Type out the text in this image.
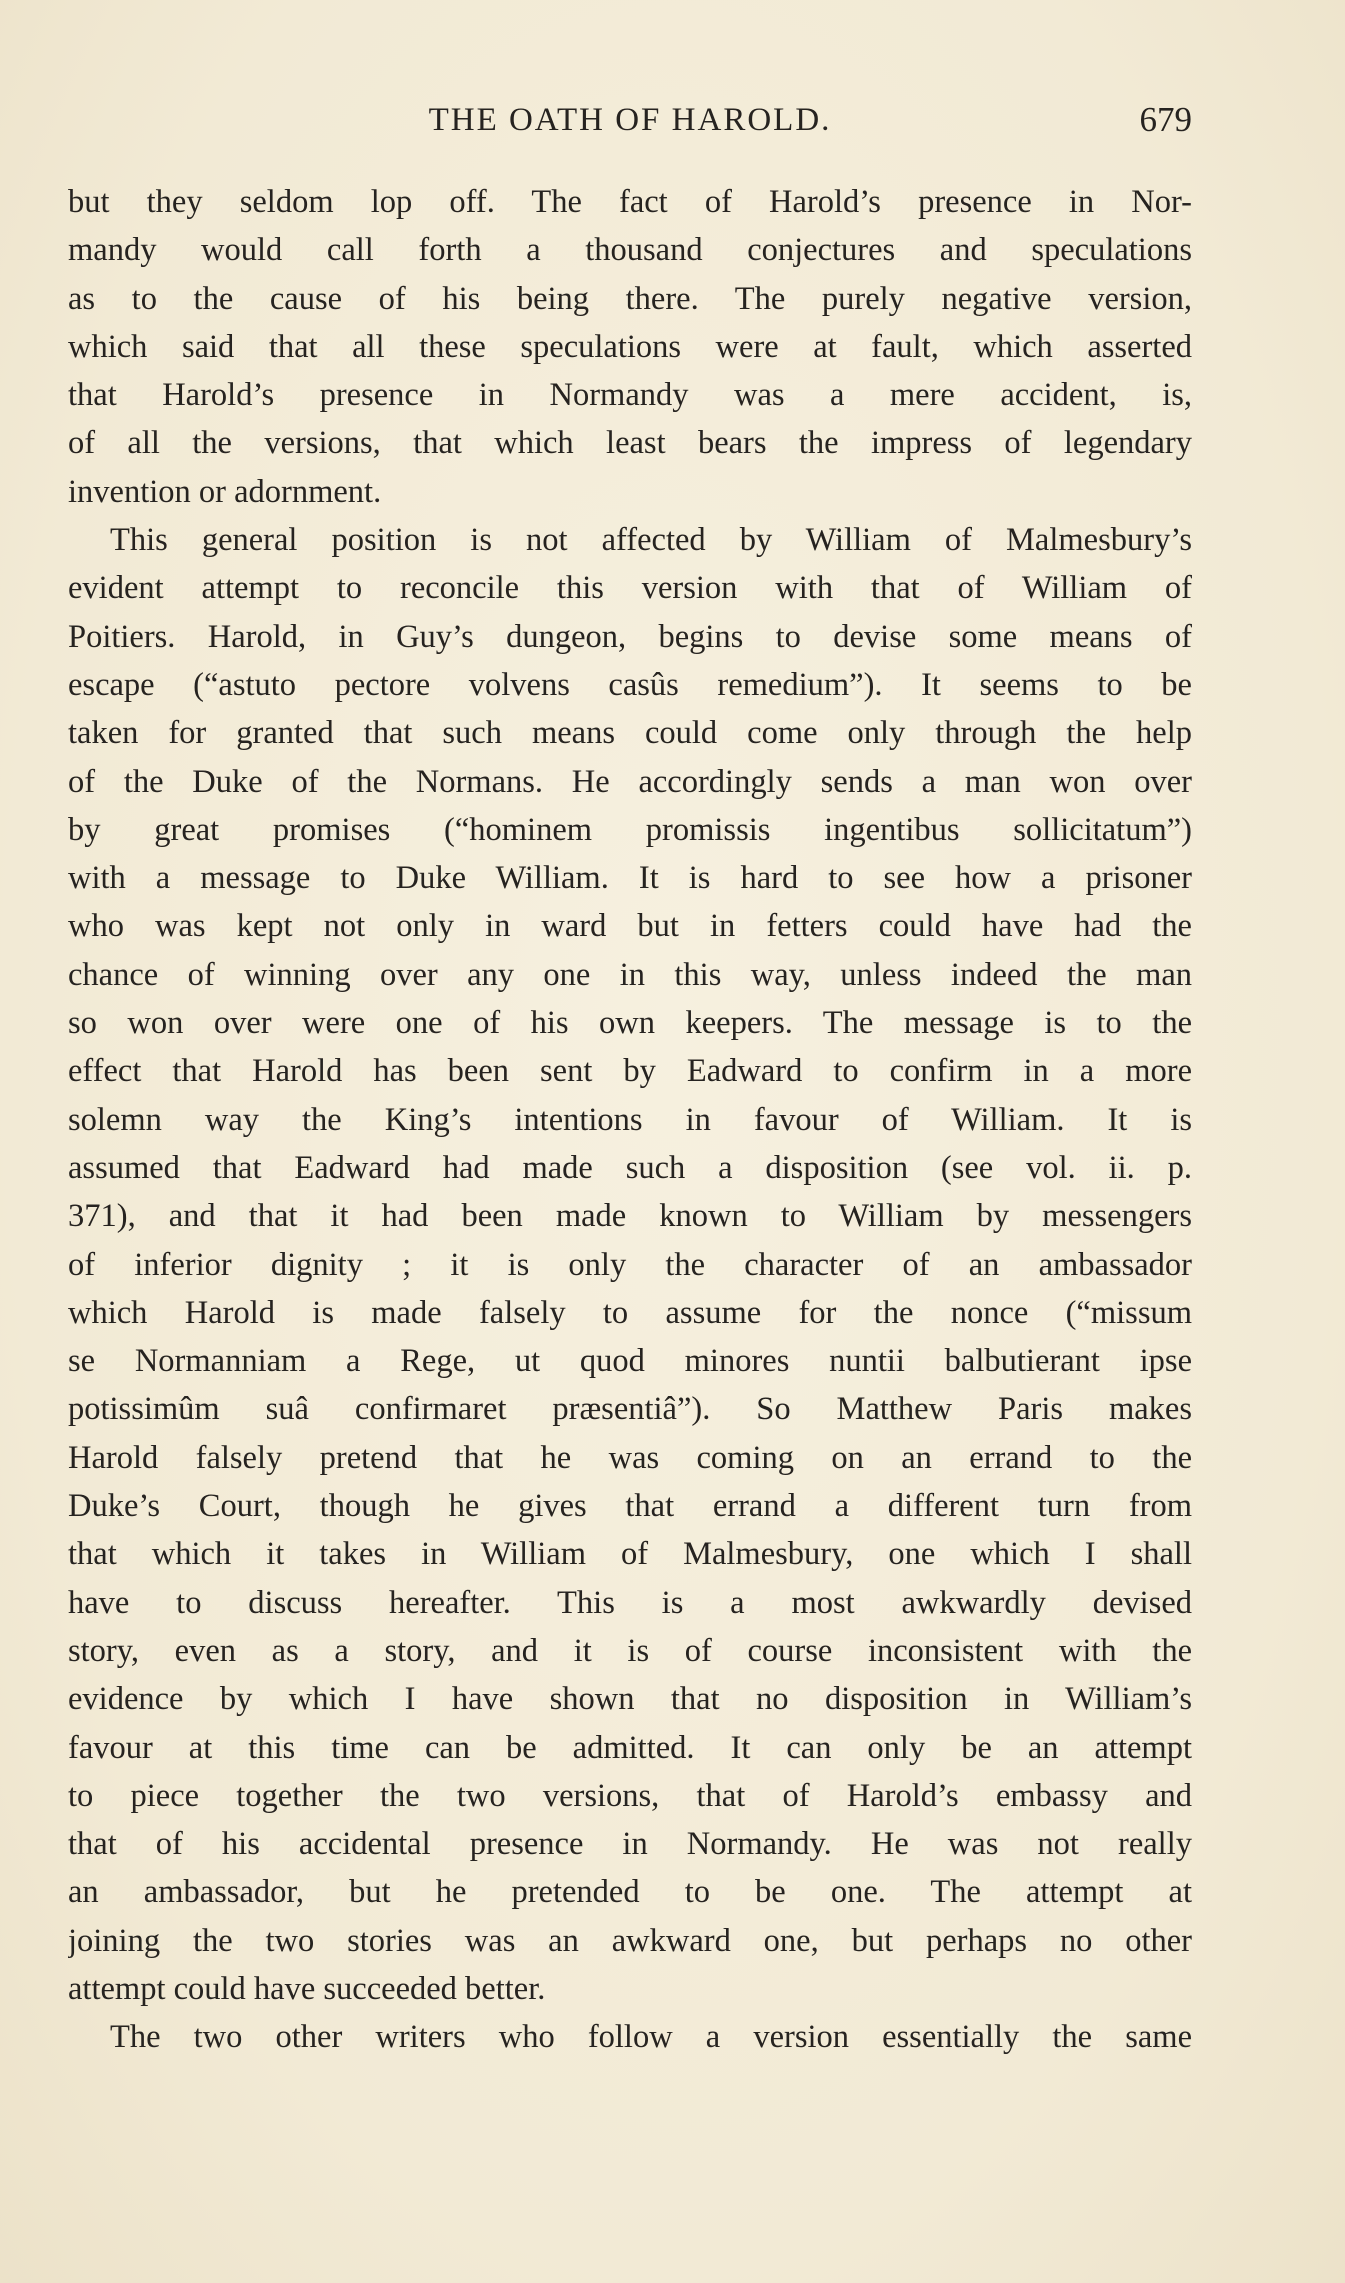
THE OATH OF HAROLD.	679
but they seldom lop off. The fact of Harold’s presence in Nor-
mandy would call forth a thousand conjectures and speculations
as to the cause of his being there. The purely negative version,
which said that all these speculations were at fault, which asserted
that Harold’s presence in Normandy was a mere accident, is,
of all the versions, that which least bears the impress of legendary
invention or adornment.
This general position is not affected by William of Malmesbury’s
evident attempt to reconcile this version with that of William of
Poitiers. Harold, in Guy’s dungeon, begins to devise some means of
escape (“astuto pectore volvens casûs remedium”). It seems to be
taken for granted that such means could come only through the help
of the Duke of the Normans. He accordingly sends a man won over
by great promises (“hominem promissis ingentibus sollicitatum”)
with a message to Duke William. It is hard to see how a prisoner
who was kept not only in ward but in fetters could have had the
chance of winning over any one in this way, unless indeed the man
so won over were one of his own keepers. The message is to the
effect that Harold has been sent by Eadward to confirm in a more
solemn way the King’s intentions in favour of William. It is
assumed that Eadward had made such a disposition (see vol. ii. p.
371), and that it had been made known to William by messengers
of inferior dignity ; it is only the character of an ambassador
which Harold is made falsely to assume for the nonce (“missum
se Normanniam a Rege, ut quod minores nuntii balbutierant ipse
potissimûm suâ confirmaret præsentiâ”). So Matthew Paris makes
Harold falsely pretend that he was coming on an errand to the
Duke’s Court, though he gives that errand a different turn from
that which it takes in William of Malmesbury, one which I shall
have to discuss hereafter. This is a most awkwardly devised
story, even as a story, and it is of course inconsistent with the
evidence by which I have shown that no disposition in William’s
favour at this time can be admitted. It can only be an attempt
to piece together the two versions, that of Harold’s embassy and
that of his accidental presence in Normandy. He was not really
an ambassador, but he pretended to be one. The attempt at
joining the two stories was an awkward one, but perhaps no other
attempt could have succeeded better.
The two other writers who follow a version essentially the same
